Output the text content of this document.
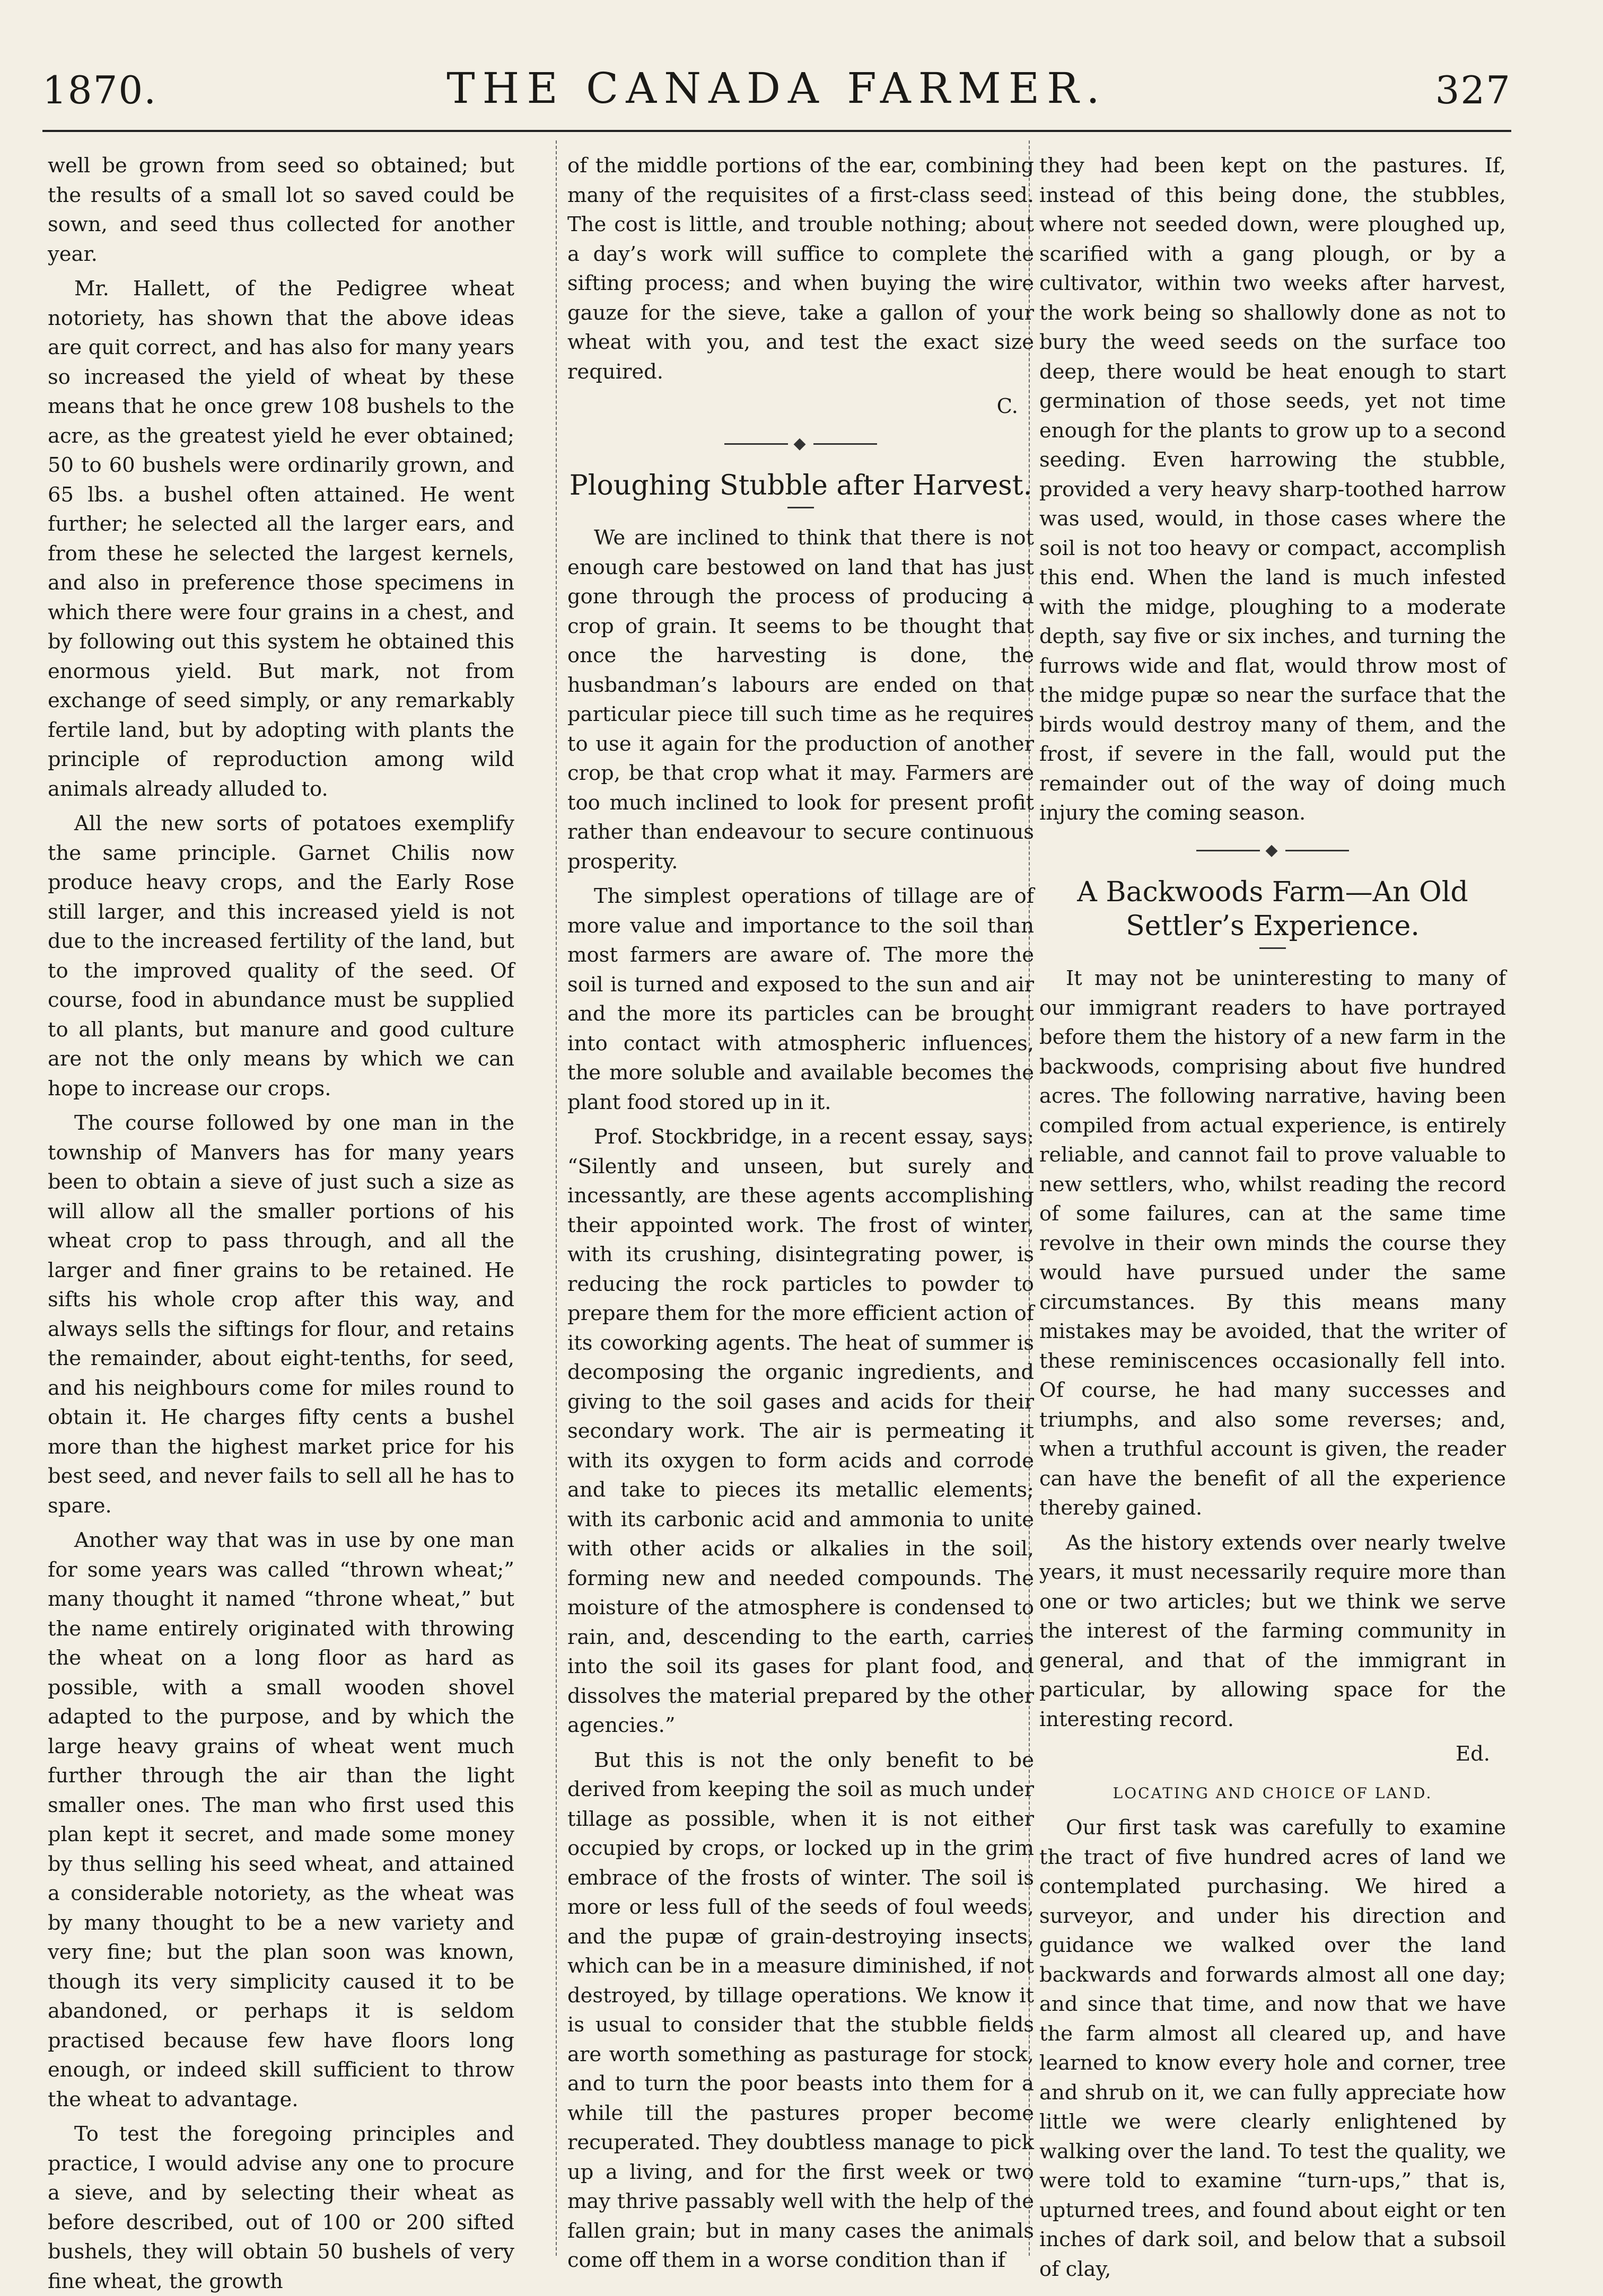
1870.	THE CANADA FARMER.	327

well be grown from seed so obtained; but the results of a small lot so saved could be sown, and seed thus collected for another year.

Mr. Hallett, of the Pedigree wheat notoriety, has shown that the above ideas are quit correct, and has also for many years so increased the yield of wheat by these means that he once grew 108 bushels to the acre, as the greatest yield he ever obtained; 50 to 60 bushels were ordinarily grown, and 65 lbs. a bushel often attained. He went further; he selected all the larger ears, and from these he selected the largest kernels, and also in preference those specimens in which there were four grains in a chest, and by following out this system he obtained this enormous yield. But mark, not from exchange of seed simply, or any remarkably fertile land, but by adopting with plants the principle of reproduction among wild animals already alluded to.

All the new sorts of potatoes exemplify the same principle. Garnet Chilis now produce heavy crops, and the Early Rose still larger, and this increased yield is not due to the increased fertility of the land, but to the improved quality of the seed. Of course, food in abundance must be supplied to all plants, but manure and good culture are not the only means by which we can hope to increase our crops.

The course followed by one man in the township of Manvers has for many years been to obtain a sieve of just such a size as will allow all the smaller portions of his wheat crop to pass through, and all the larger and finer grains to be retained. He sifts his whole crop after this way, and always sells the siftings for flour, and retains the remainder, about eight-tenths, for seed, and his neighbours come for miles round to obtain it. He charges fifty cents a bushel more than the highest market price for his best seed, and never fails to sell all he has to spare.

Another way that was in use by one man for some years was called “thrown wheat;” many thought it named “throne wheat,” but the name entirely originated with throwing the wheat on a long floor as hard as possible, with a small wooden shovel adapted to the purpose, and by which the large heavy grains of wheat went much further through the air than the light smaller ones. The man who first used this plan kept it secret, and made some money by thus selling his seed wheat, and attained a considerable notoriety, as the wheat was by many thought to be a new variety and very fine; but the plan soon was known, though its very simplicity caused it to be abandoned, or perhaps it is seldom practised because few have floors long enough, or indeed skill sufficient to throw the wheat to advantage.

To test the foregoing principles and practice, I would advise any one to procure a sieve, and by selecting their wheat as before described, out of 100 or 200 sifted bushels, they will obtain 50 bushels of very fine wheat, the growth

of the middle portions of the ear, combining many of the requisites of a first-class seed. The cost is little, and trouble nothing; about a day’s work will suffice to complete the sifting process; and when buying the wire gauze for the sieve, take a gallon of your wheat with you, and test the exact size required.

C.

◆
Ploughing Stubble after Harvest.

We are inclined to think that there is not enough care bestowed on land that has just gone through the process of producing a crop of grain. It seems to be thought that once the harvesting is done, the husbandman’s labours are ended on that particular piece till such time as he requires to use it again for the production of another crop, be that crop what it may. Farmers are too much inclined to look for present profit rather than endeavour to secure continuous prosperity.

The simplest operations of tillage are of more value and importance to the soil than most farmers are aware of. The more the soil is turned and exposed to the sun and air and the more its particles can be brought into contact with atmospheric influences, the more soluble and available becomes the plant food stored up in it.

Prof. Stockbridge, in a recent essay, says: “Silently and unseen, but surely and incessantly, are these agents accomplishing their appointed work. The frost of winter, with its crushing, disintegrating power, is reducing the rock particles to powder to prepare them for the more efficient action of its coworking agents. The heat of summer is decomposing the organic ingredients, and giving to the soil gases and acids for their secondary work. The air is permeating it with its oxygen to form acids and corrode and take to pieces its metallic elements; with its carbonic acid and ammonia to unite with other acids or alkalies in the soil, forming new and needed compounds. The moisture of the atmosphere is condensed to rain, and, descending to the earth, carries into the soil its gases for plant food, and dissolves the material prepared by the other agencies.”

But this is not the only benefit to be derived from keeping the soil as much under tillage as possible, when it is not either occupied by crops, or locked up in the grim embrace of the frosts of winter. The soil is more or less full of the seeds of foul weeds, and the pupæ of grain-destroying insects, which can be in a measure diminished, if not destroyed, by tillage operations. We know it is usual to consider that the stubble fields are worth something as pasturage for stock, and to turn the poor beasts into them for a while till the pastures proper become recuperated. They doubtless manage to pick up a living, and for the first week or two may thrive passably well with the help of the fallen grain; but in many cases the animals come off them in a worse condition than if

they had been kept on the pastures. If, instead of this being done, the stubbles, where not seeded down, were ploughed up, scarified with a gang plough, or by a cultivator, within two weeks after harvest, the work being so shallowly done as not to bury the weed seeds on the surface too deep, there would be heat enough to start germination of those seeds, yet not time enough for the plants to grow up to a second seeding. Even harrowing the stubble, provided a very heavy sharp-toothed harrow was used, would, in those cases where the soil is not too heavy or compact, accomplish this end. When the land is much infested with the midge, ploughing to a moderate depth, say five or six inches, and turning the furrows wide and flat, would throw most of the midge pupæ so near the surface that the birds would destroy many of them, and the frost, if severe in the fall, would put the remainder out of the way of doing much injury the coming season.

◆
A Backwoods Farm—An Old Settler’s Experience.

It may not be uninteresting to many of our immigrant readers to have portrayed before them the history of a new farm in the backwoods, comprising about five hundred acres. The following narrative, having been compiled from actual experience, is entirely reliable, and cannot fail to prove valuable to new settlers, who, whilst reading the record of some failures, can at the same time revolve in their own minds the course they would have pursued under the same circumstances. By this means many mistakes may be avoided, that the writer of these reminiscences occasionally fell into. Of course, he had many successes and triumphs, and also some reverses; and, when a truthful account is given, the reader can have the benefit of all the experience thereby gained.

As the history extends over nearly twelve years, it must necessarily require more than one or two articles; but we think we serve the interest of the farming community in general, and that of the immigrant in particular, by allowing space for the interesting record.

Ed.

LOCATING AND CHOICE OF LAND.

Our first task was carefully to examine the tract of five hundred acres of land we contemplated purchasing. We hired a surveyor, and under his direction and guidance we walked over the land backwards and forwards almost all one day; and since that time, and now that we have the farm almost all cleared up, and have learned to know every hole and corner, tree and shrub on it, we can fully appreciate how little we were clearly enlightened by walking over the land. To test the quality, we were told to examine “turn-ups,” that is, upturned trees, and found about eight or ten inches of dark soil, and below that a subsoil of clay,
